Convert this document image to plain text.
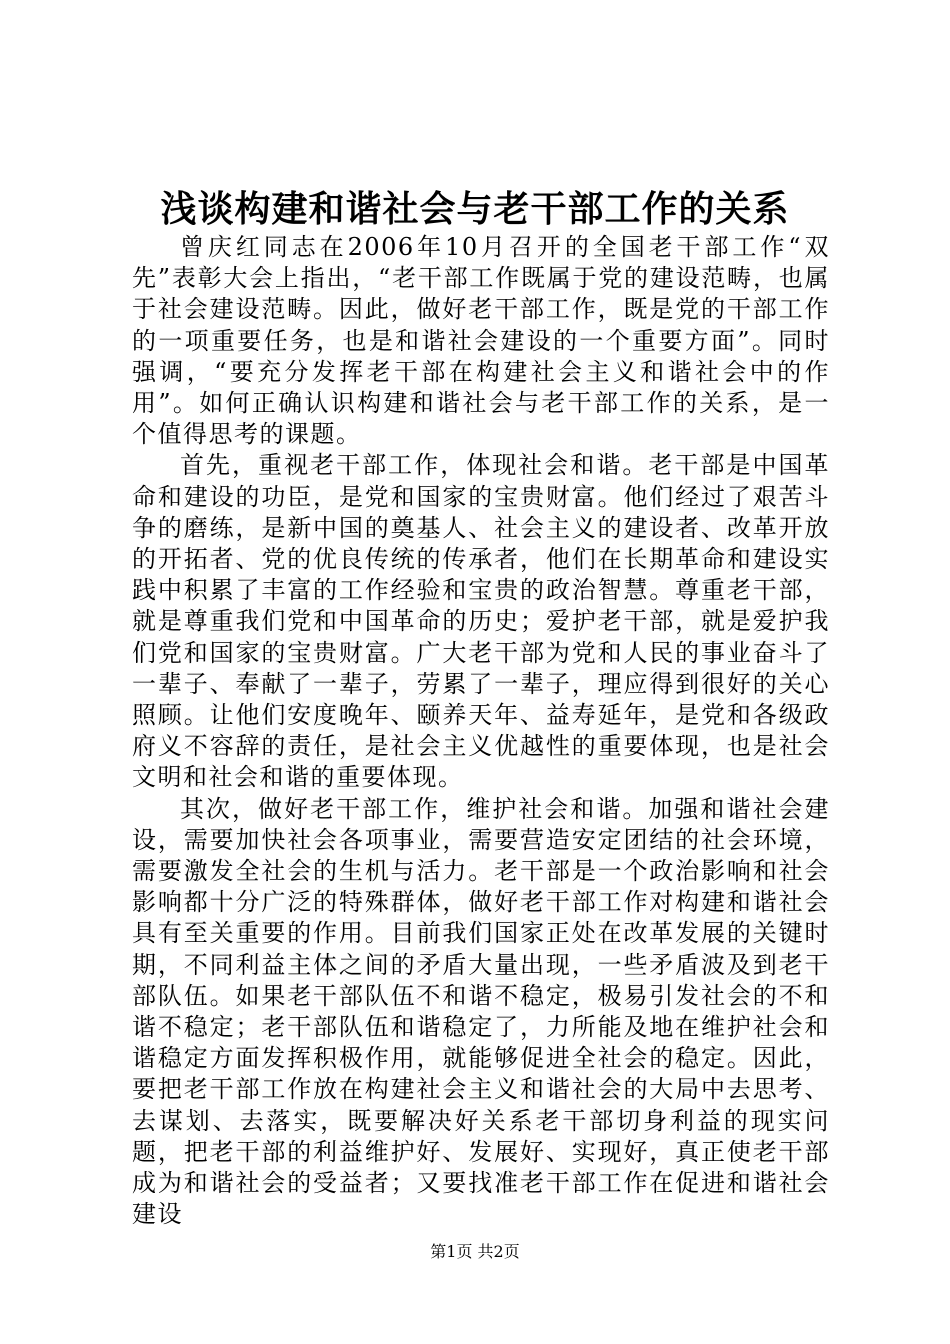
浅谈构建和谐社会与老干部工作的关系

曾庆红同志在2006年10月召开的全国老干部工作“双先”表彰大会上指出，“老干部工作既属于党的建设范畴，也属于社会建设范畴。因此，做好老干部工作，既是党的干部工作的一项重要任务，也是和谐社会建设的一个重要方面”。同时强调，“要充分发挥老干部在构建社会主义和谐社会中的作用”。如何正确认识构建和谐社会与老干部工作的关系，是一个值得思考的课题。

首先，重视老干部工作，体现社会和谐。老干部是中国革命和建设的功臣，是党和国家的宝贵财富。他们经过了艰苦斗争的磨练，是新中国的奠基人、社会主义的建设者、改革开放的开拓者、党的优良传统的传承者，他们在长期革命和建设实践中积累了丰富的工作经验和宝贵的政治智慧。尊重老干部，就是尊重我们党和中国革命的历史；爱护老干部，就是爱护我们党和国家的宝贵财富。广大老干部为党和人民的事业奋斗了一辈子、奉献了一辈子，劳累了一辈子，理应得到很好的关心照顾。让他们安度晚年、颐养天年、益寿延年，是党和各级政府义不容辞的责任，是社会主义优越性的重要体现，也是社会文明和社会和谐的重要体现。

其次，做好老干部工作，维护社会和谐。加强和谐社会建设，需要加快社会各项事业，需要营造安定团结的社会环境，需要激发全社会的生机与活力。老干部是一个政治影响和社会影响都十分广泛的特殊群体，做好老干部工作对构建和谐社会具有至关重要的作用。目前我们国家正处在改革发展的关键时期，不同利益主体之间的矛盾大量出现，一些矛盾波及到老干部队伍。如果老干部队伍不和谐不稳定，极易引发社会的不和谐不稳定；老干部队伍和谐稳定了，力所能及地在维护社会和谐稳定方面发挥积极作用，就能够促进全社会的稳定。因此，要把老干部工作放在构建社会主义和谐社会的大局中去思考、去谋划、去落实，既要解决好关系老干部切身利益的现实问题，把老干部的利益维护好、发展好、实现好，真正使老干部成为和谐社会的受益者；又要找准老干部工作在促进和谐社会建设

第1页 共2页
